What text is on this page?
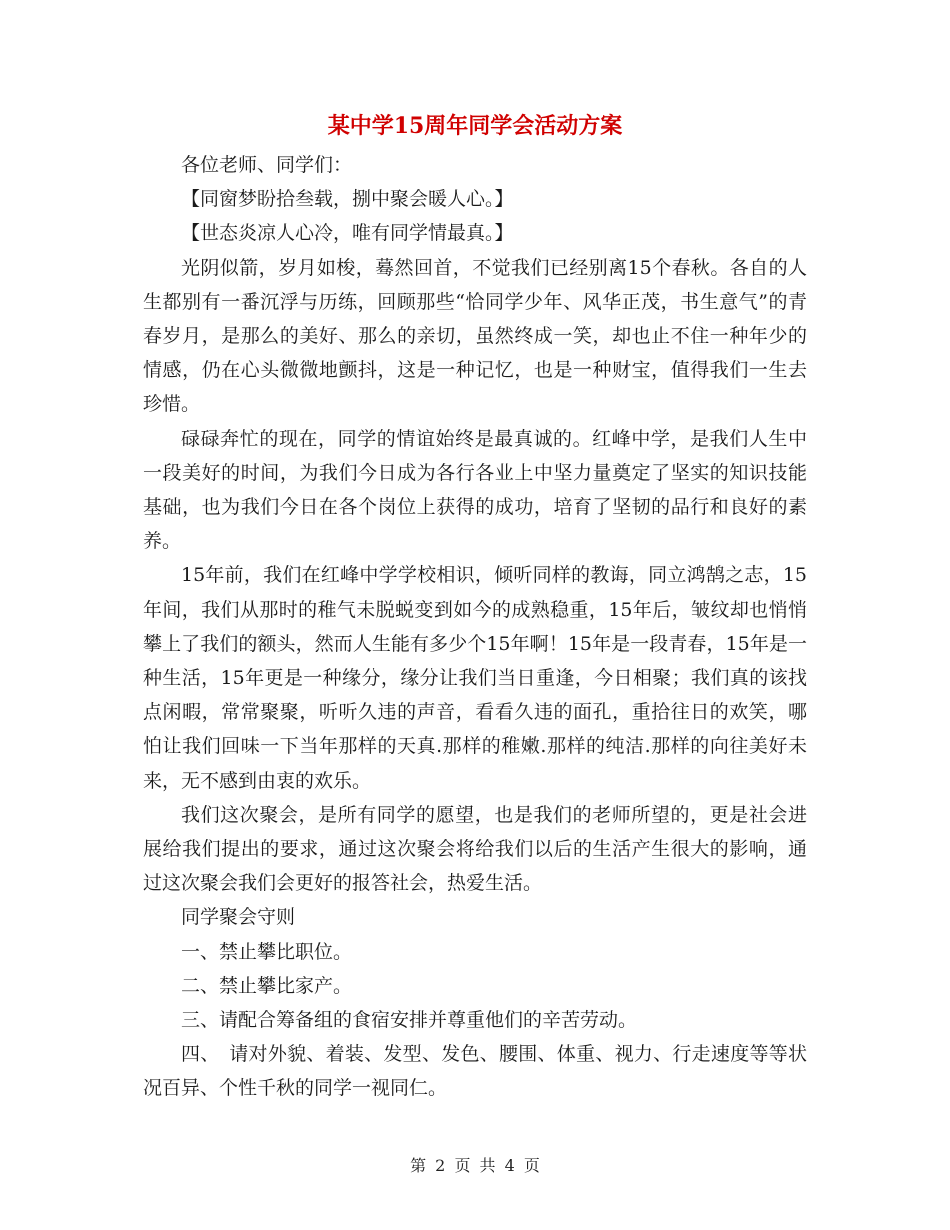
某中学15周年同学会活动方案

各位老师、同学们：

【同窗梦盼拾叁载，捌中聚会暖人心。】

【世态炎凉人心冷，唯有同学情最真。】

光阴似箭，岁月如梭，蓦然回首，不觉我们已经别离15个春秋。各自的人生都别有一番沉浮与历练，回顾那些“恰同学少年、风华正茂，书生意气”的青春岁月，是那么的美好、那么的亲切，虽然终成一笑，却也止不住一种年少的情感，仍在心头微微地颤抖，这是一种记忆，也是一种财宝，值得我们一生去珍惜。

碌碌奔忙的现在，同学的情谊始终是最真诚的。红峰中学，是我们人生中一段美好的时间，为我们今日成为各行各业上中坚力量奠定了坚实的知识技能基础，也为我们今日在各个岗位上获得的成功，培育了坚韧的品行和良好的素养。

15年前，我们在红峰中学学校相识，倾听同样的教诲，同立鸿鹄之志，15年间，我们从那时的稚气未脱蜕变到如今的成熟稳重，15年后，皱纹却也悄悄攀上了我们的额头，然而人生能有多少个15年啊！15年是一段青春，15年是一种生活，15年更是一种缘分，缘分让我们当日重逢，今日相聚；我们真的该找点闲暇，常常聚聚，听听久违的声音，看看久违的面孔，重拾往日的欢笑，哪怕让我们回味一下当年那样的天真.那样的稚嫩.那样的纯洁.那样的向往美好未来，无不感到由衷的欢乐。

我们这次聚会，是所有同学的愿望，也是我们的老师所望的，更是社会进展给我们提出的要求，通过这次聚会将给我们以后的生活产生很大的影响，通过这次聚会我们会更好的报答社会，热爱生活。

同学聚会守则

一、禁止攀比职位。

二、禁止攀比家产。

三、请配合筹备组的食宿安排并尊重他们的辛苦劳动。

四、　请对外貌、着装、发型、发色、腰围、体重、视力、行走速度等等状况百异、个性千秋的同学一视同仁。

第 2 页 共 4 页
